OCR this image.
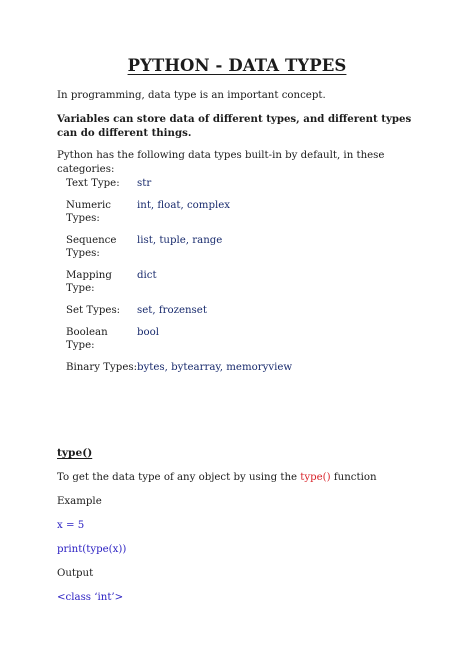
PYTHON - DATA TYPES
In programming, data type is an important concept.
Variables can store data of different types, and different types can do different things.
Python has the following data types built-in by default, in these categories:
Text Type:	str
Numeric
Types:	int, float, complex
Sequence
Types:	list, tuple, range
Mapping
Type:	dict
Set Types:	set, frozenset
Boolean
Type:	bool
Binary Types:	bytes, bytearray, memoryview
type()
To get the data type of any object by using the type() function
Example
x = 5
print(type(x))
Output
<class ‘int’>
